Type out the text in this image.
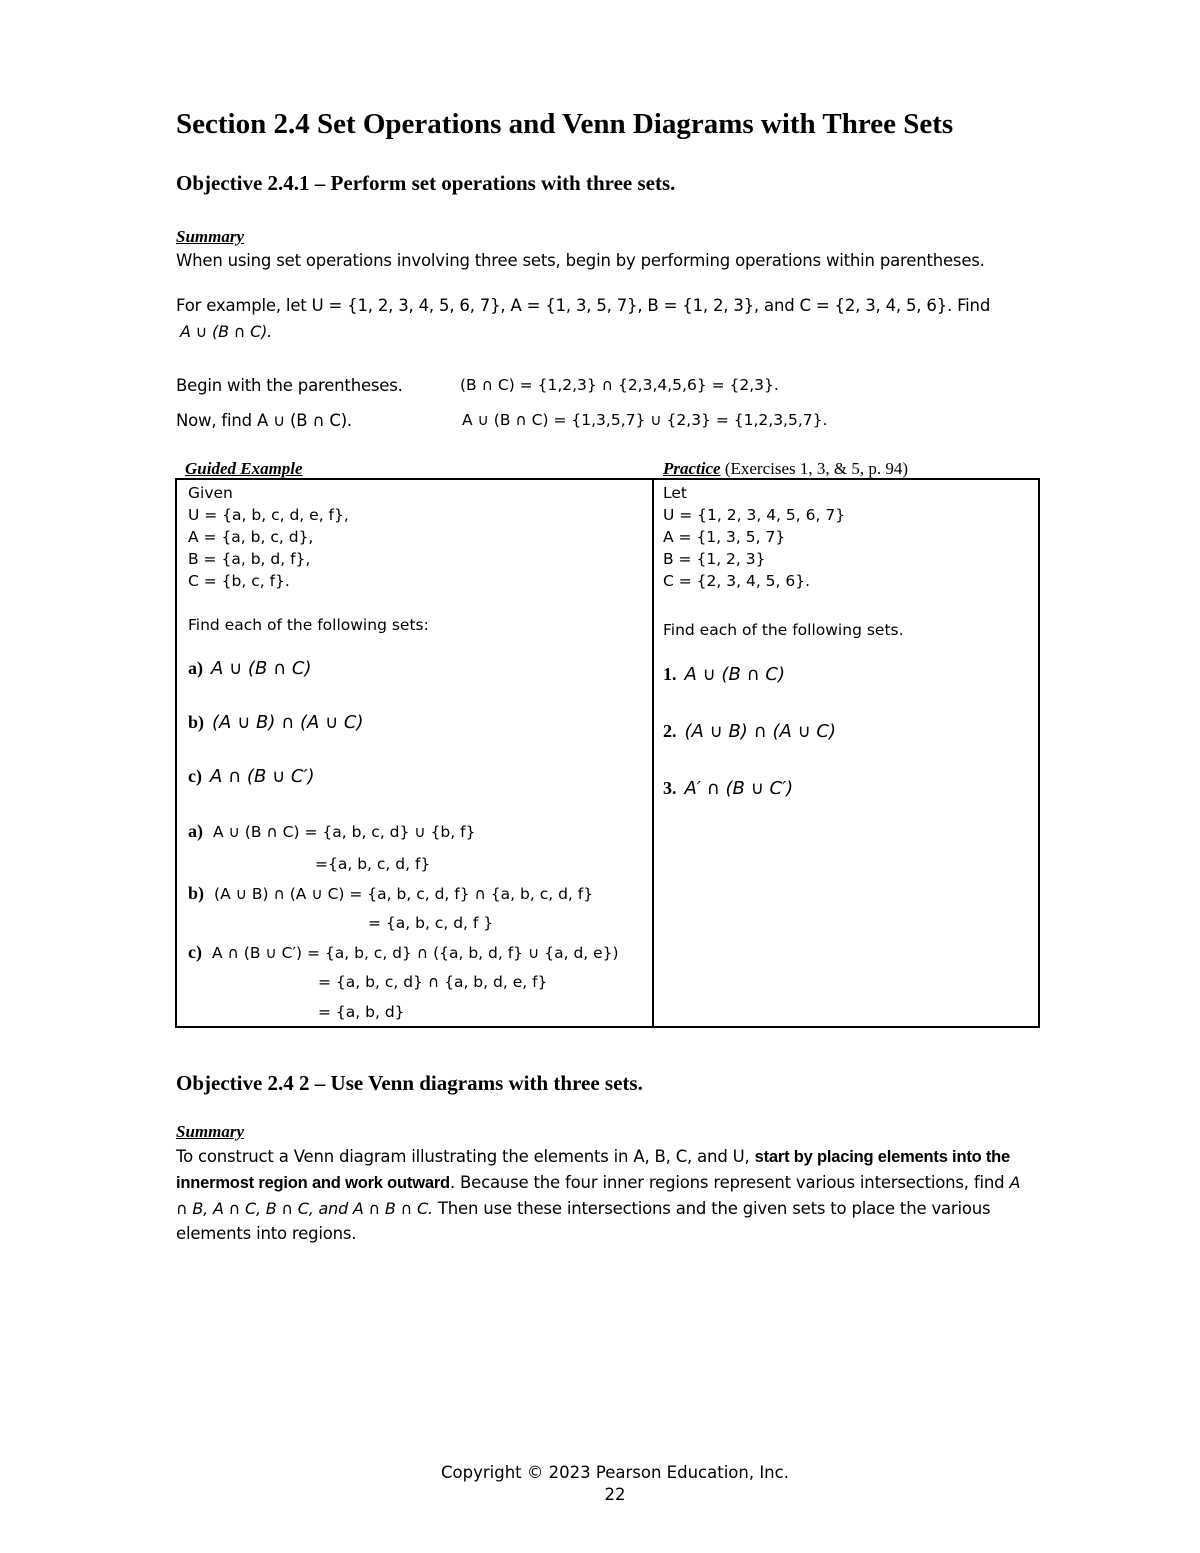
Section 2.4 Set Operations and Venn Diagrams with Three Sets
Objective 2.4.1 – Perform set operations with three sets.
Summary
When using set operations involving three sets, begin by performing operations within parentheses.
For example, let U = {1, 2, 3, 4, 5, 6, 7}, A = {1, 3, 5, 7}, B = {1, 2, 3}, and C = {2, 3, 4, 5, 6}. Find
A ∪ (B ∩ C).
Begin with the parentheses.	(B ∩ C) = {1,2,3} ∩ {2,3,4,5,6} = {2,3}.
Now, find A ∪ (B ∩ C).	A ∪ (B ∩ C) = {1,3,5,7} ∪ {2,3} = {1,2,3,5,7}.
Guided Example	Practice (Exercises 1, 3, & 5, p. 94)
Given
U = {a, b, c, d, e, f},
A = {a, b, c, d},
B = {a, b, d, f},
C = {b, c, f}.
Find each of the following sets:
a) A ∪ (B ∩ C)
b) (A ∪ B) ∩ (A ∪ C)
c) A ∩ (B ∪ C′)
a) A ∪ (B ∩ C) = {a, b, c, d} ∪ {b, f}
={a, b, c, d, f}
b) (A ∪ B) ∩ (A ∪ C) = {a, b, c, d, f} ∩ {a, b, c, d, f}
= {a, b, c, d, f }
c) A ∩ (B ∪ C′) = {a, b, c, d} ∩ ({a, b, d, f} ∪ {a, d, e})
= {a, b, c, d} ∩ {a, b, d, e, f}
= {a, b, d}
Let
U = {1, 2, 3, 4, 5, 6, 7}
A = {1, 3, 5, 7}
B = {1, 2, 3}
C = {2, 3, 4, 5, 6}.
Find each of the following sets.
1. A ∪ (B ∩ C)
2. (A ∪ B) ∩ (A ∪ C)
3. A′ ∩ (B ∪ C′)
Objective 2.4 2 – Use Venn diagrams with three sets.
Summary
To construct a Venn diagram illustrating the elements in A, B, C, and U, start by placing elements into the innermost region and work outward. Because the four inner regions represent various intersections, find A ∩ B, A ∩ C, B ∩ C, and A ∩ B ∩ C. Then use these intersections and the given sets to place the various elements into regions.
Copyright © 2023 Pearson Education, Inc.
22
